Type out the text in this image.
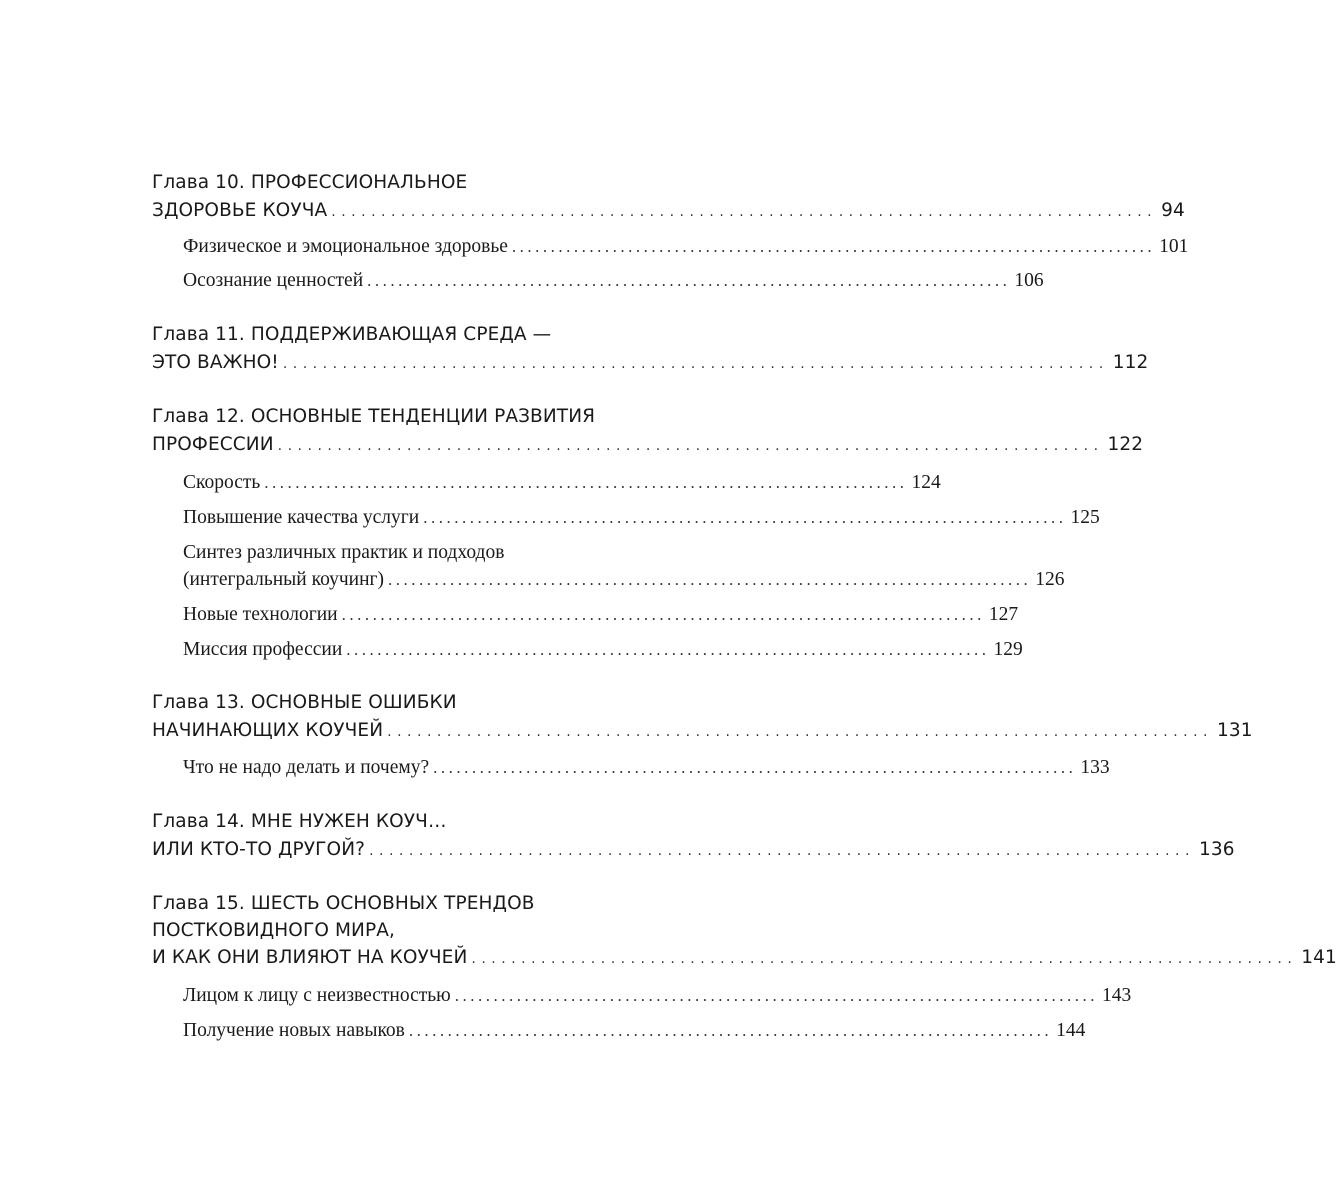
Глава 10. ПРОФЕССИОНАЛЬНОЕ
ЗДОРОВЬЕ КОУЧА ................................................................................... 94
Физическое и эмоциональное здоровье ................................................................................... 101
Осознание ценностей ................................................................................... 106
Глава 11. ПОДДЕРЖИВАЮЩАЯ СРЕДА —
ЭТО ВАЖНО! ................................................................................... 112
Глава 12. ОСНОВНЫЕ ТЕНДЕНЦИИ РАЗВИТИЯ
ПРОФЕССИИ ................................................................................... 122
Скорость ................................................................................... 124
Повышение качества услуги ................................................................................... 125
Синтез различных практик и подходов
(интегральный коучинг) ................................................................................... 126
Новые технологии ................................................................................... 127
Миссия профессии ................................................................................... 129
Глава 13. ОСНОВНЫЕ ОШИБКИ
НАЧИНАЮЩИХ КОУЧЕЙ ................................................................................... 131
Что не надо делать и почему? ................................................................................... 133
Глава 14. МНЕ НУЖЕН КОУЧ…
ИЛИ КТО-ТО ДРУГОЙ? ................................................................................... 136
Глава 15. ШЕСТЬ ОСНОВНЫХ ТРЕНДОВ
ПОСТКОВИДНОГО МИРА,
И КАК ОНИ ВЛИЯЮТ НА КОУЧЕЙ ................................................................................... 141
Лицом к лицу с неизвестностью ................................................................................... 143
Получение новых навыков ................................................................................... 144
